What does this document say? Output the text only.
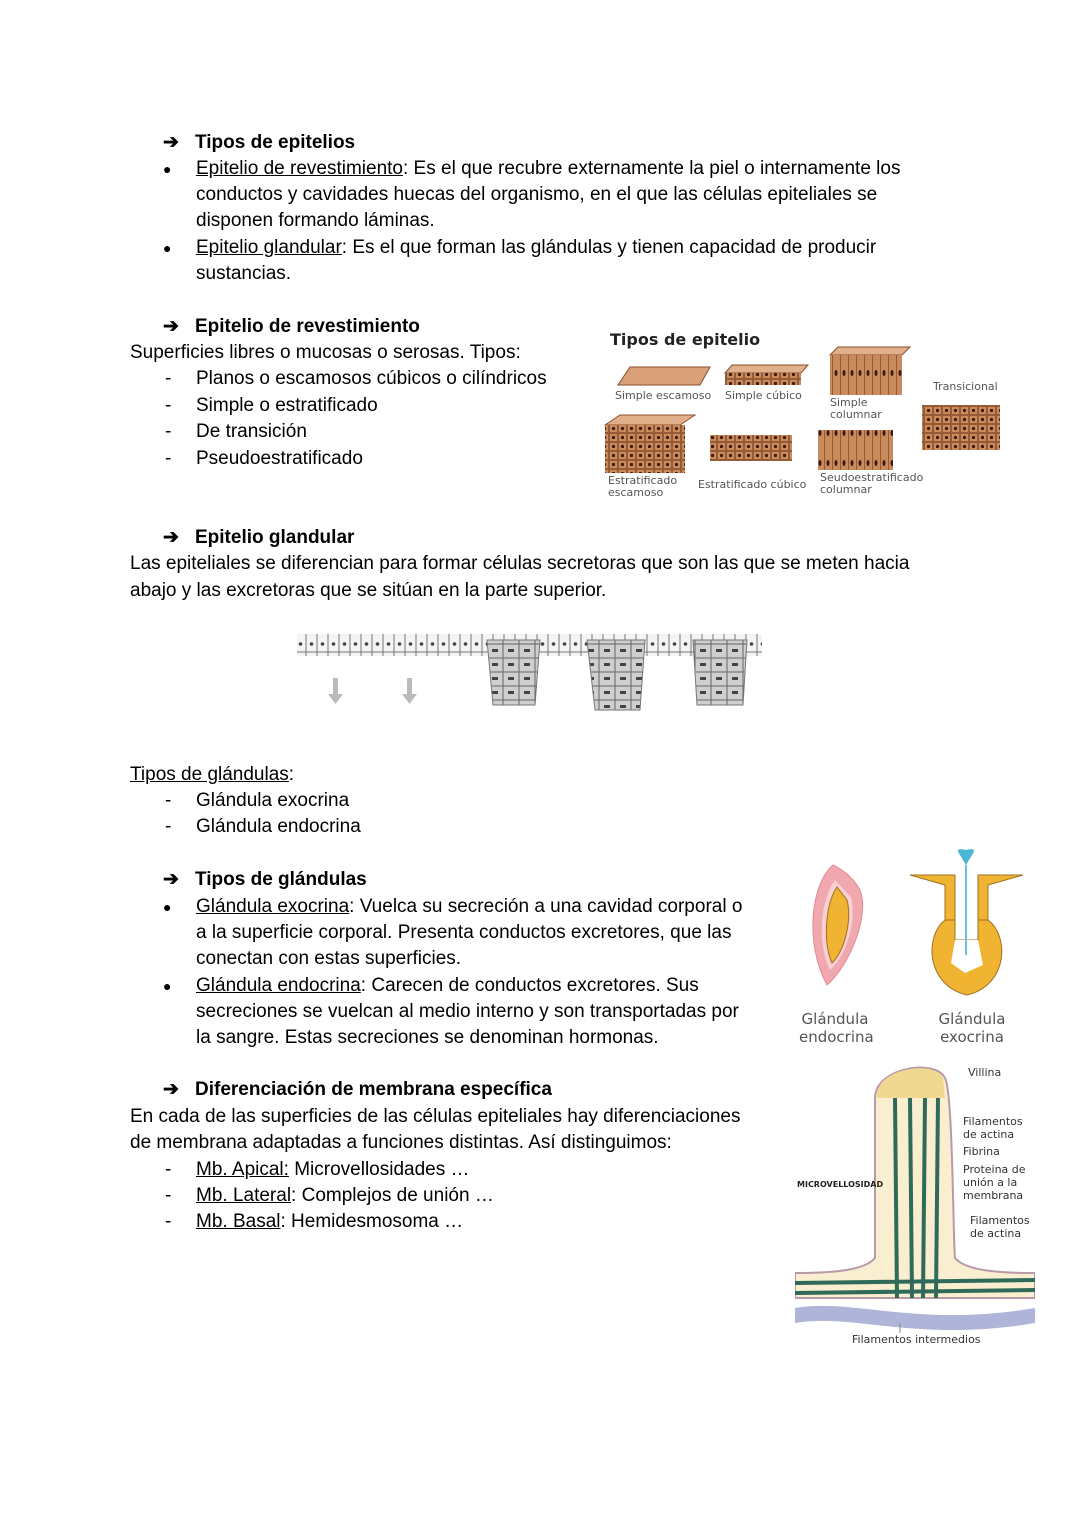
➔ Tipos de epitelios
● Epitelio de revestimiento: Es el que recubre externamente la piel o internamente los
conductos y cavidades huecas del organismo, en el que las células epiteliales se
disponen formando láminas.
● Epitelio glandular: Es el que forman las glándulas y tienen capacidad de producir
sustancias.
➔ Epitelio de revestimiento
Superficies libres o mucosas o serosas. Tipos:
- Planos o escamosos cúbicos o cilíndricos
- Simple o estratificado
- De transición
- Pseudoestratificado
Tipos de epitelio
Simple escamoso Simple cúbico
Simple
columnar
Transicional
Estratificado
escamoso
Estratificado cúbico
Seudoestratificado
columnar
➔ Epitelio glandular
Las epiteliales se diferencian para formar células secretoras que son las que se meten hacia
abajo y las excretoras que se sitúan en la parte superior.
Tipos de glándulas:
- Glándula exocrina
- Glándula endocrina
➔ Tipos de glándulas
● Glándula exocrina: Vuelca su secreción a una cavidad corporal o
a la superficie corporal. Presenta conductos excretores, que las
conectan con estas superficies.
● Glándula endocrina: Carecen de conductos excretores. Sus
secreciones se vuelcan al medio interno y son transportadas por
la sangre. Estas secreciones se denominan hormonas.
Glándula
endocrina
Glándula
exocrina
➔ Diferenciación de membrana específica
En cada de las superficies de las células epiteliales hay diferenciaciones
de membrana adaptadas a funciones distintas. Así distinguimos:
- Mb. Apical: Microvellosidades …
- Mb. Lateral: Complejos de unión …
- Mb. Basal: Hemidesmosoma …
Villina
Filamentos
de actina
Fibrina
Proteina de
unión a la
membrana
Filamentos
de actina
MICROVELLOSIDAD
Filamentos intermedios
